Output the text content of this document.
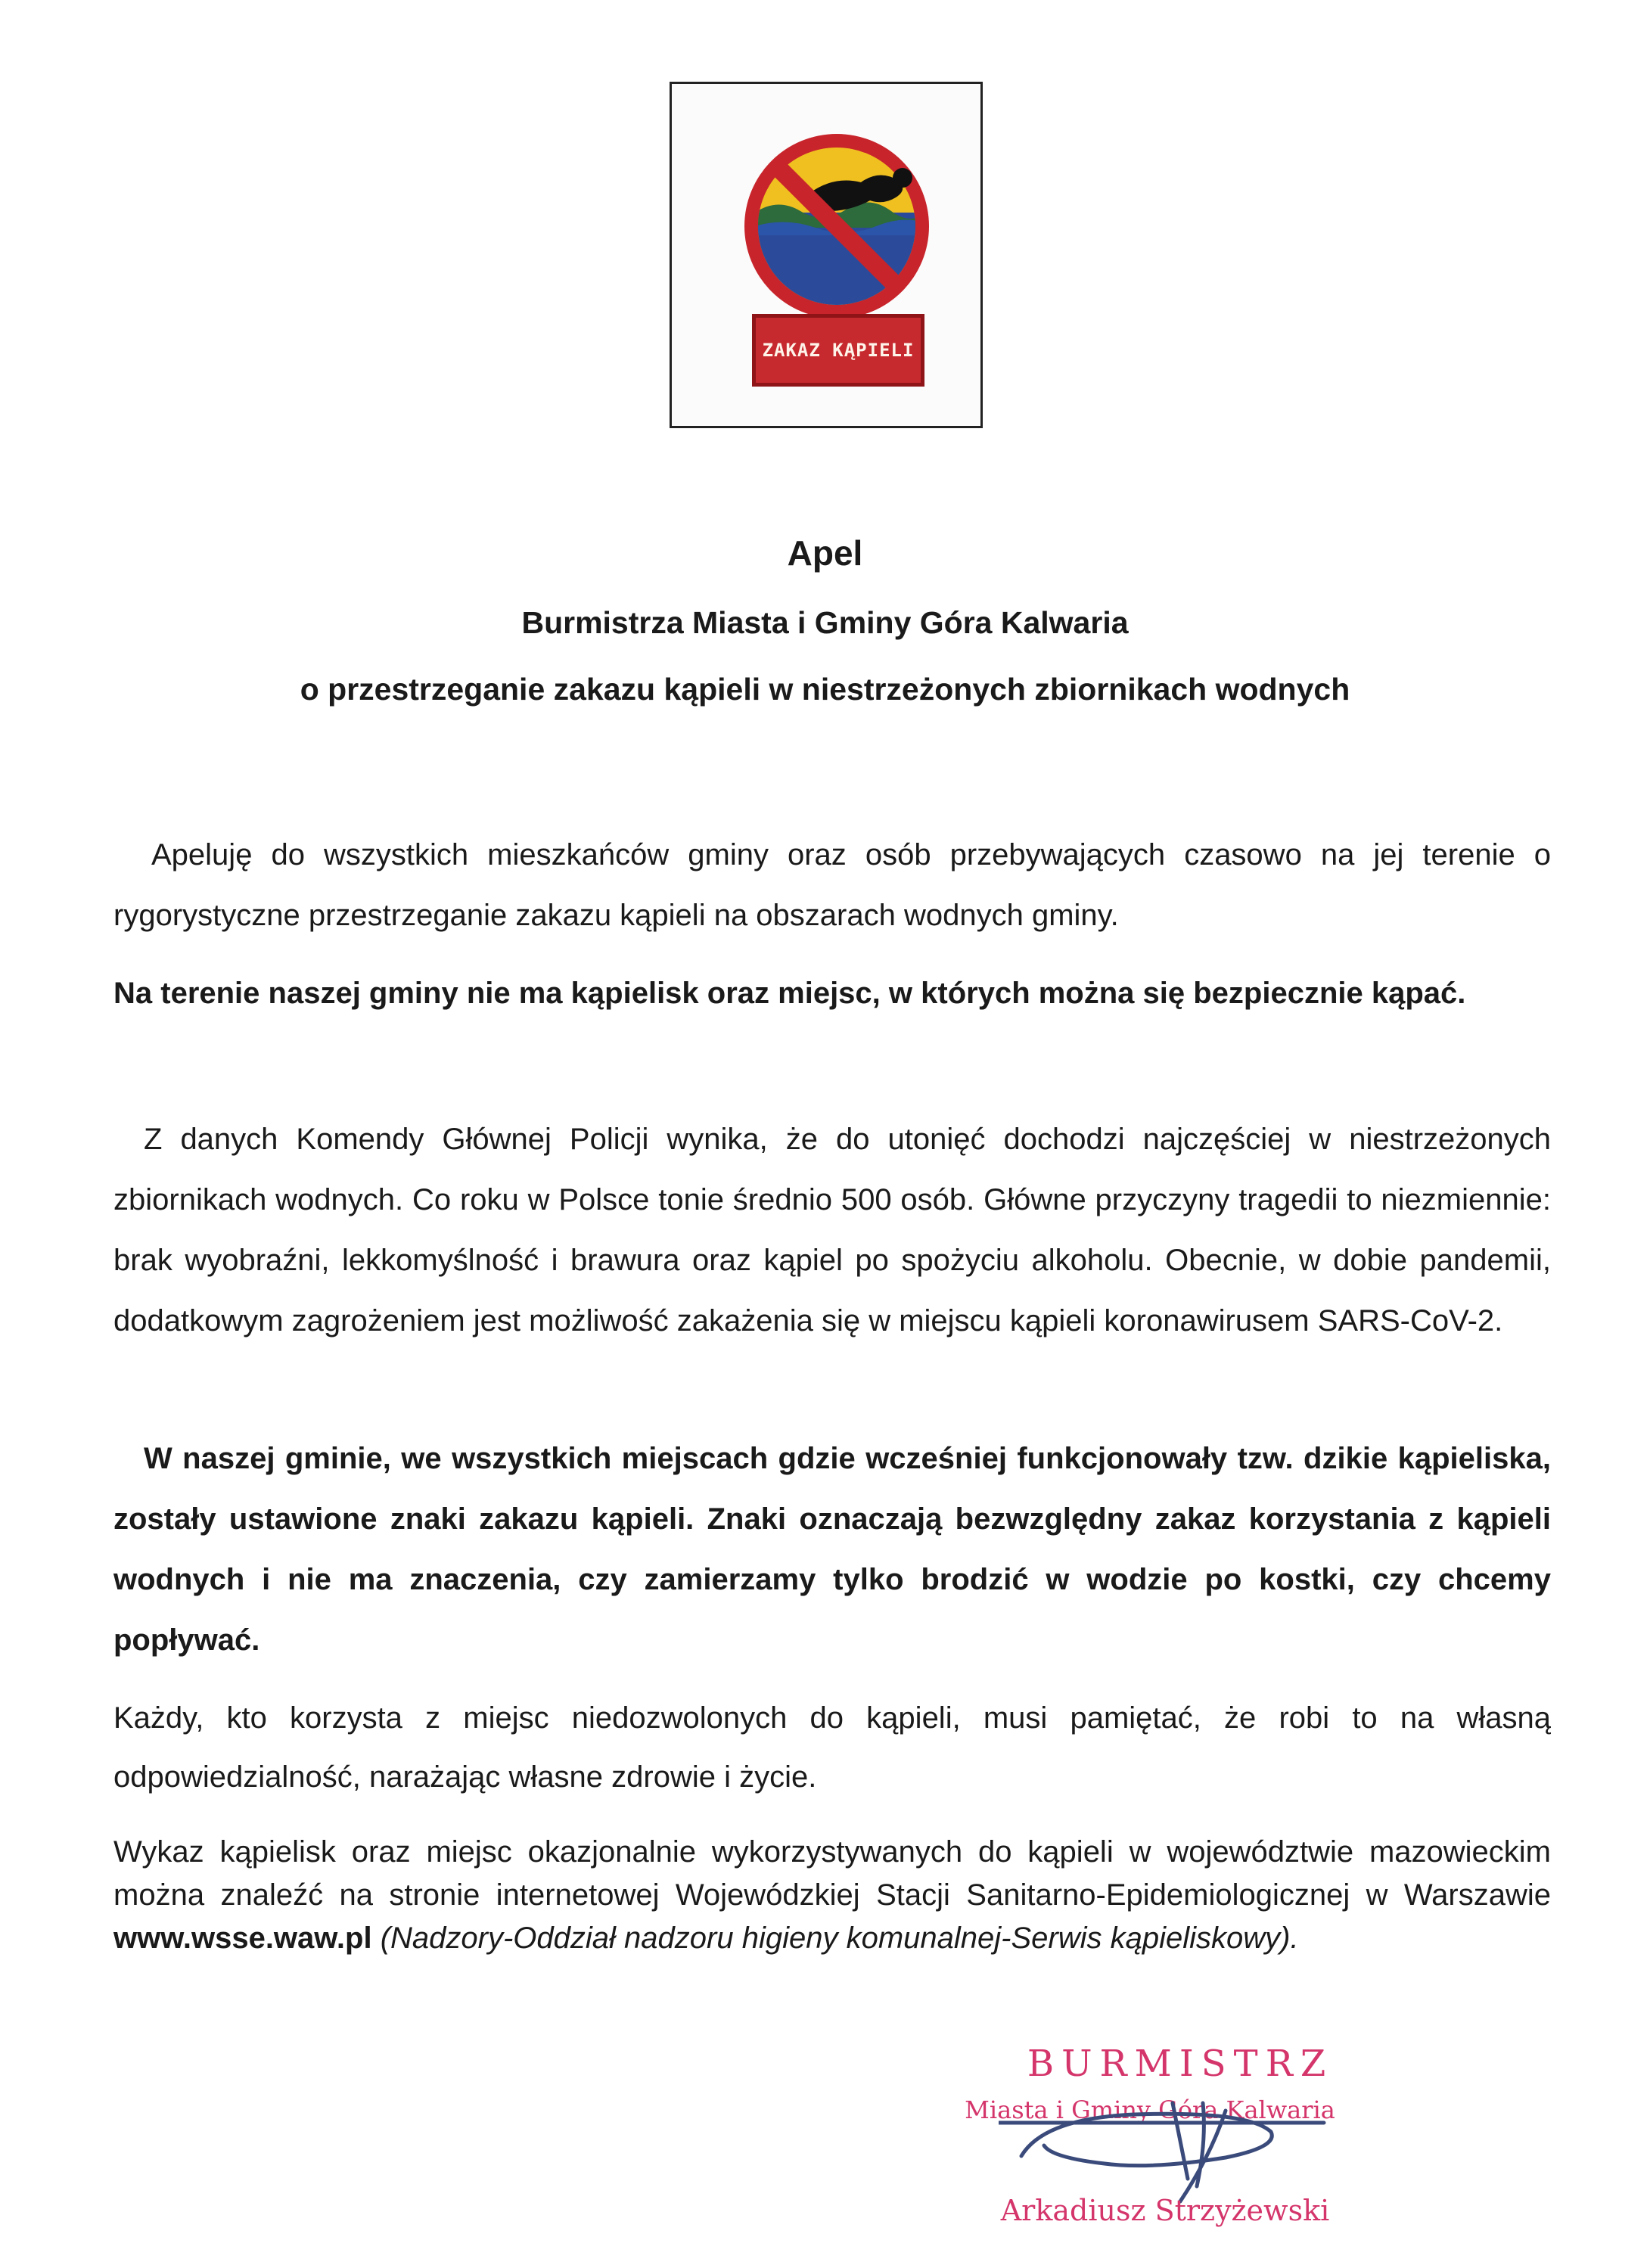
ZAKAZ KĄPIELI
Apel
Burmistrza Miasta i Gminy Góra Kalwaria
o przestrzeganie zakazu kąpieli w niestrzeżonych zbiornikach wodnych

Apeluję do wszystkich mieszkańców gminy oraz osób przebywających czasowo na jej terenie o rygorystyczne przestrzeganie zakazu kąpieli na obszarach wodnych gminy.

Na terenie naszej gminy nie ma kąpielisk oraz miejsc, w których można się bezpiecznie kąpać.

Z danych Komendy Głównej Policji wynika, że do utonięć dochodzi najczęściej w niestrzeżonych zbiornikach wodnych. Co roku w Polsce tonie średnio 500 osób. Główne przyczyny tragedii to niezmiennie: brak wyobraźni, lekkomyślność i brawura oraz kąpiel po spożyciu alkoholu. Obecnie, w dobie pandemii, dodatkowym zagrożeniem jest możliwość zakażenia się w miejscu kąpieli koronawirusem SARS-CoV-2.

W naszej gminie, we wszystkich miejscach gdzie wcześniej funkcjonowały tzw. dzikie kąpieliska, zostały ustawione znaki zakazu kąpieli. Znaki oznaczają bezwzględny zakaz korzystania z kąpieli wodnych i nie ma znaczenia, czy zamierzamy tylko brodzić w wodzie po kostki, czy chcemy popływać.

Każdy, kto korzysta z miejsc niedozwolonych do kąpieli, musi pamiętać, że robi to na własną odpowiedzialność, narażając własne zdrowie i życie.

Wykaz kąpielisk oraz miejsc okazjonalnie wykorzystywanych do kąpieli w województwie mazowieckim można znaleźć na stronie internetowej Wojewódzkiej Stacji Sanitarno-Epidemiologicznej w Warszawie www.wsse.waw.pl (Nadzory-Oddział nadzoru higieny komunalnej-Serwis kąpieliskowy).

BURMISTRZ
Miasta i Gminy Góra Kalwaria
Arkadiusz Strzyżewski
